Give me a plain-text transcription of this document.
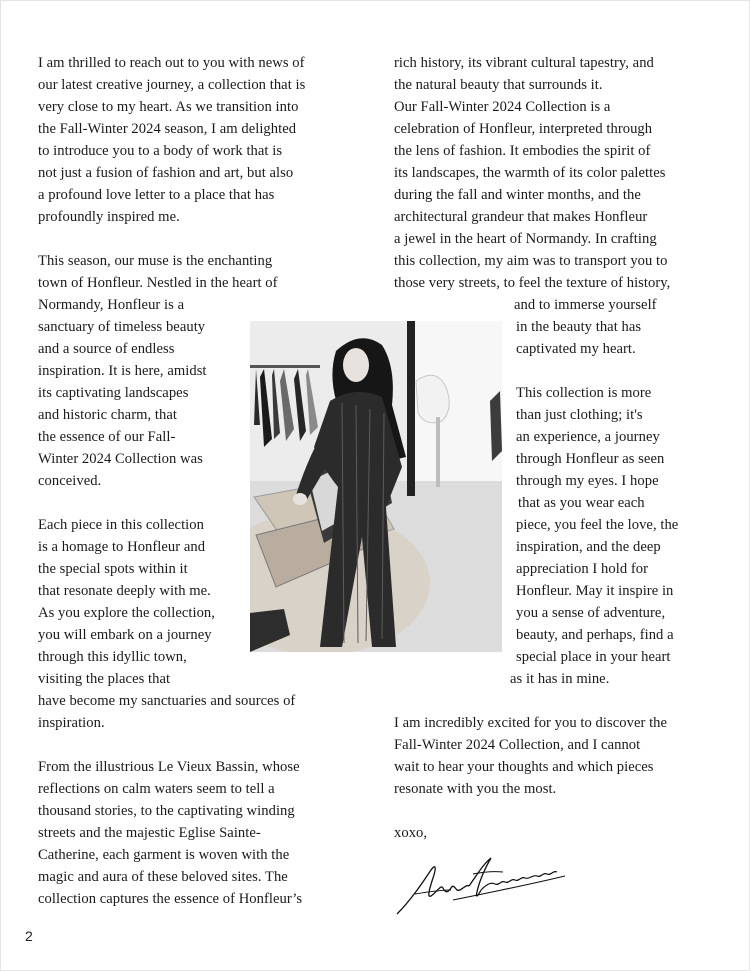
I am thrilled to reach out to you with news of
our latest creative journey, a collection that is
very close to my heart. As we transition into
the Fall-Winter 2024 season, I am delighted
to introduce you to a body of work that is
not just a fusion of fashion and art, but also
a profound love letter to a place that has
profoundly inspired me.
This season, our muse is the enchanting
town of Honfleur. Nestled in the heart of
Normandy, Honfleur is a
sanctuary of timeless beauty
and a source of endless
inspiration. It is here, amidst
its captivating landscapes
and historic charm, that
the essence of our Fall-
Winter 2024 Collection was
conceived.
Each piece in this collection
is a homage to Honfleur and
the special spots within it
that resonate deeply with me.
As you explore the collection,
you will embark on a journey
through this idyllic town,
visiting the places that
have become my sanctuaries and sources of
inspiration.
From the illustrious Le Vieux Bassin, whose
reflections on calm waters seem to tell a
thousand stories, to the captivating winding
streets and the majestic Eglise Sainte-
Catherine, each garment is woven with the
magic and aura of these beloved sites. The
collection captures the essence of Honfleur’s
rich history, its vibrant cultural tapestry, and
the natural beauty that surrounds it.
Our Fall-Winter 2024 Collection is a
celebration of Honfleur, interpreted through
the lens of fashion. It embodies the spirit of
its landscapes, the warmth of its color palettes
during the fall and winter months, and the
architectural grandeur that makes Honfleur
a jewel in the heart of Normandy. In crafting
this collection, my aim was to transport you to
those very streets, to feel the texture of history,
and to immerse yourself
in the beauty that has
captivated my heart.
This collection is more
than just clothing; it's
an experience, a journey
through Honfleur as seen
through my eyes. I hope
that as you wear each
piece, you feel the love, the
inspiration, and the deep
appreciation I hold for
Honfleur. May it inspire in
you a sense of adventure,
beauty, and perhaps, find a
special place in your heart
as it has in mine.
I am incredibly excited for you to discover the
Fall-Winter 2024 Collection, and I cannot
wait to hear your thoughts and which pieces
resonate with you the most.
xoxo,
2
